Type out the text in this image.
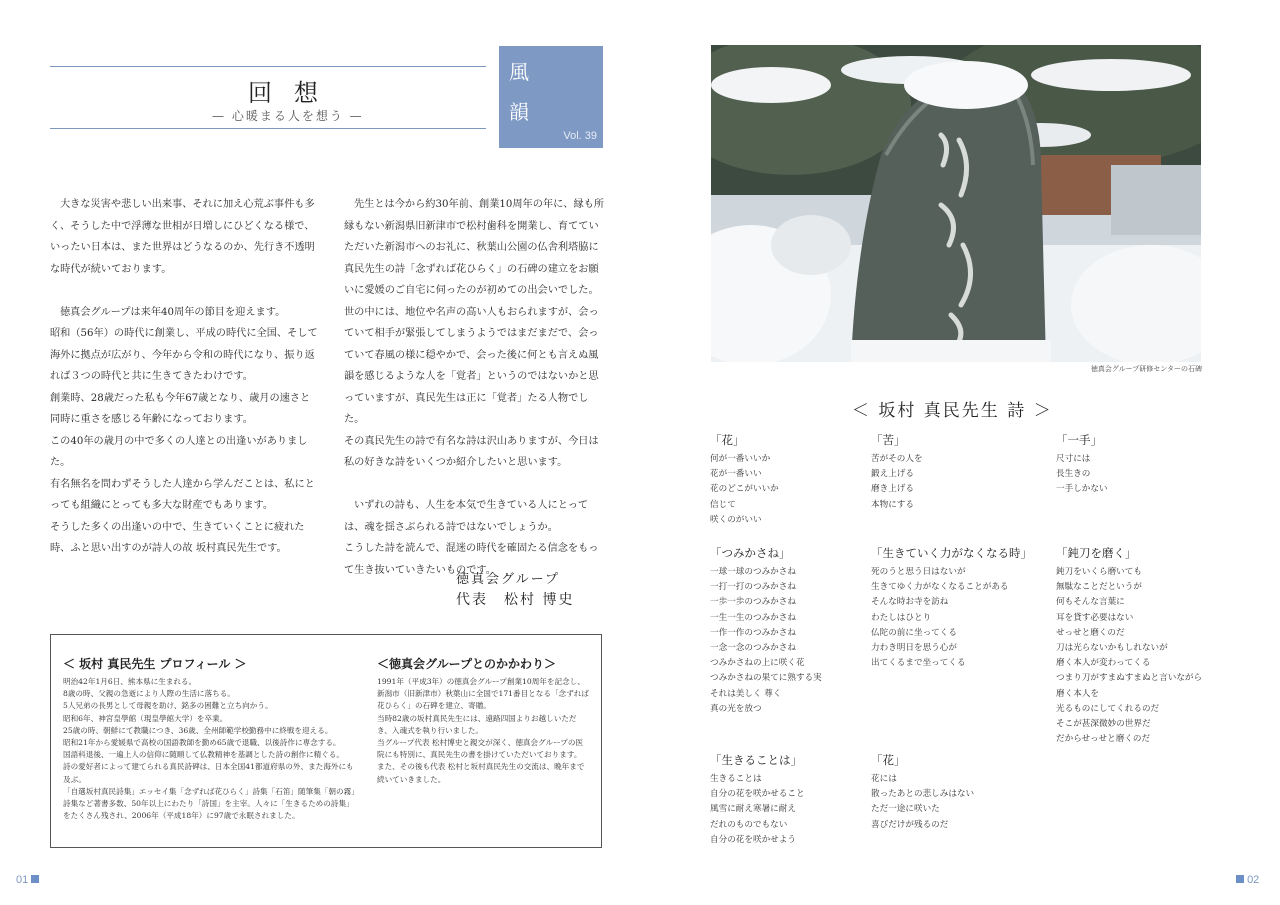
回想
— 心暖まる人を想う —
風
韻
Vol. 39

大きな災害や悲しい出来事、それに加え心荒ぶ事件も多く、そうした中で浮薄な世相が日増しにひどくなる様で、いったい日本は、また世界はどうなるのか、先行き不透明な時代が続いております。

徳真会グループは来年40周年の節目を迎えます。

昭和（56年）の時代に創業し、平成の時代に全国、そして海外に拠点が広がり、今年から令和の時代になり、振り返れば３つの時代と共に生きてきたわけです。

創業時、28歳だった私も今年67歳となり、歳月の速さと同時に重さを感じる年齢になっております。

この40年の歳月の中で多くの人達との出逢いがありました。

有名無名を問わずそうした人達から学んだことは、私にとっても組織にとっても多大な財産でもあります。

そうした多くの出逢いの中で、生きていくことに疲れた時、ふと思い出すのが詩人の故 坂村真民先生です。

先生とは今から約30年前、創業10周年の年に、縁も所縁もない新潟県旧新津市で松村歯科を開業し、育てていただいた新潟市へのお礼に、秋葉山公園の仏舎利塔脇に真民先生の詩「念ずれば花ひらく」の石碑の建立をお願いに愛媛のご自宅に伺ったのが初めての出会いでした。

世の中には、地位や名声の高い人もおられますが、会っていて相手が緊張してしまうようではまだまだで、会っていて春風の様に穏やかで、会った後に何とも言えぬ風韻を感じるような人を「覚者」というのではないかと思っていますが、真民先生は正に「覚者」たる人物でした。

その真民先生の詩で有名な詩は沢山ありますが、今日は私の好きな詩をいくつか紹介したいと思います。

いずれの詩も、人生を本気で生きている人にとっては、魂を揺さぶられる詩ではないでしょうか。

こうした詩を読んで、混迷の時代を確固たる信念をもって生き抜いていきたいものです。

徳真会グループ
代表　松村 博史
＜ 坂村 真民先生 プロフィール ＞

明治42年1月6日、熊本県に生まれる。

8歳の時、父親の急逝により人際の生活に落ちる。

5人兄弟の長男として母親を助け、銘多の困難と立ち向かう。

昭和6年、神宮皇學館（現皇學館大学）を卒業。

25歳の時、朝鮮にて教職につき、36歳、全州師範学校勤務中に終戦を迎える。

昭和21年から愛媛県で高校の国語教師を勤め65歳で退職、以後詩作に専念する。

国語科退後、一遍上人の信仰に随順して仏教精神を基調とした詩の創作に精ぐる。

詩の愛好者によって建てられる真民詩碑は、日本全国41都道府県の外、また海外にも及ぶ。

「自選坂村真民詩集」エッセイ集「念ずれば花ひらく」詩集「石笛」随筆集「朝の霧」詩集など著書多数、50年以上にわたり「詩国」を主宰。人々に「生きるための詩集」をたくさん残され、2006年（平成18年）に97歳で永眠されました。

＜徳真会グループとのかかわり＞

1991年（平成3年）の徳真会グループ創業10周年を記念し、新潟市（旧新津市）秋葉山に全国で171番目となる「念ずれば花ひらく」の石碑を建立、寄贈。

当時82歳の坂村真民先生には、遠路四国よりお越しいただき、入魂式を執り行いました。

当グループ代表 松村博史と親交が深く、徳真会グループの医院にも特別に、真民先生の書を掛けていただいております。

また、その後も代表 松村と坂村真民先生の交流は、晩年まで続いていきました。

01
徳真会グループ研修センターの石碑
＜ 坂村 真民先生 詩 ＞
「花」
何が一番いいか
花が一番いい
花のどこがいいか
信じて
咲くのがいい
「苦」
苦がその人を
鍛え上げる
磨き上げる
本物にする
「一手」
尺寸には
長生きの
一手しかない
「つみかさね」
一球一球のつみかさね
一打一打のつみかさね
一歩一歩のつみかさね
一生一生のつみかさね
一作一作のつみかさね
一念一念のつみかさね
つみかさねの上に咲く花
つみかさねの果てに熟する実
それは美しく 尊く
真の光を放つ
「生きていく力がなくなる時」
死のうと思う日はないが
生きてゆく力がなくなることがある
そんな時お寺を訪ね
わたしはひとり
仏陀の前に坐ってくる
力わき明日を思う心が
出てくるまで坐ってくる
「鈍刀を磨く」
鈍刀をいくら磨いても
無駄なことだというが
何もそんな言葉に
耳を貸す必要はない
せっせと磨くのだ
刀は光らないかもしれないが
磨く本人が変わってくる
つまり刀がすまぬすまぬと言いながら
磨く本人を
光るものにしてくれるのだ
そこが甚深微妙の世界だ
だからせっせと磨くのだ
「生きることは」
生きることは
自分の花を咲かせること
風雪に耐え寒暑に耐え
だれのものでもない
自分の花を咲かせよう
「花」
花には
散ったあとの悲しみはない
ただ一途に咲いた
喜びだけが残るのだ
02
